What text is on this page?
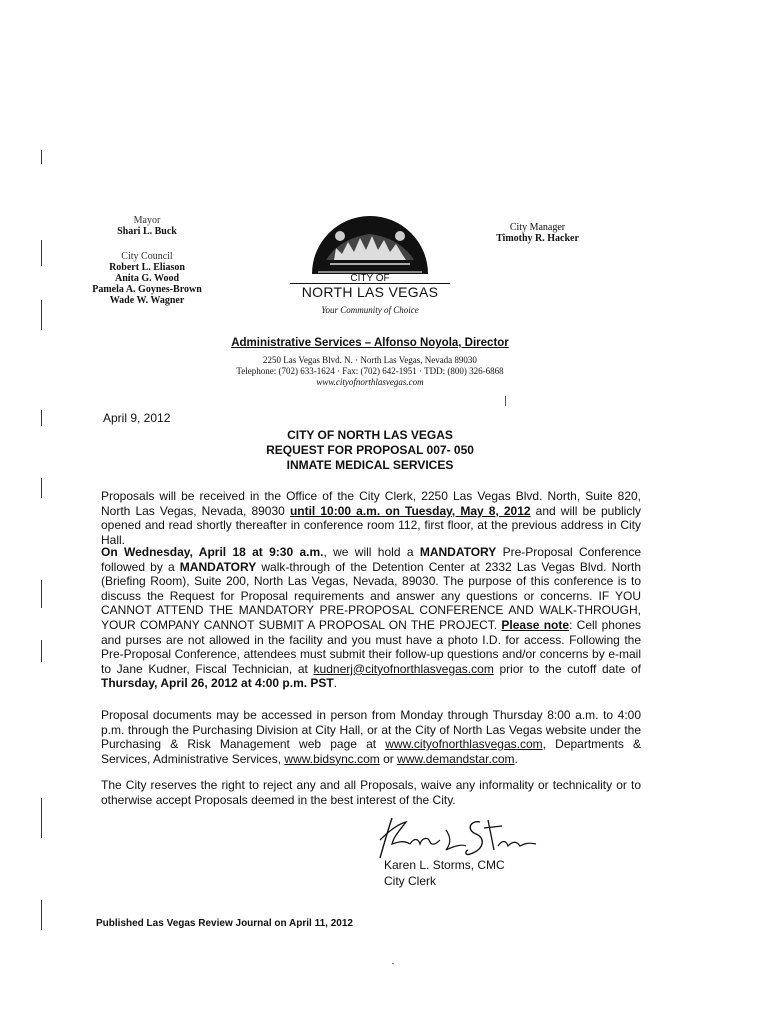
Mayor
Shari L. Buck
City Council
Robert L. Eliason
Anita G. Wood
Pamela A. Goynes-Brown
Wade W. Wagner
City Manager
Timothy R. Hacker
CITY OF
NORTH LAS VEGAS
Your Community of Choice
Administrative Services – Alfonso Noyola, Director
2250 Las Vegas Blvd. N. · North Las Vegas, Nevada 89030
Telephone: (702) 633-1624 · Fax: (702) 642-1951 · TDD: (800) 326-6868
www.cityofnorthlasvegas.com
April 9, 2012
CITY OF NORTH LAS VEGAS
REQUEST FOR PROPOSAL 007- 050
INMATE MEDICAL SERVICES
Proposals will be received in the Office of the City Clerk, 2250 Las Vegas Blvd. North, Suite 820, North Las Vegas, Nevada, 89030 until 10:00 a.m. on Tuesday, May 8, 2012 and will be publicly opened and read shortly thereafter in conference room 112, first floor, at the previous address in City Hall.
On Wednesday, April 18 at 9:30 a.m., we will hold a MANDATORY Pre-Proposal Conference followed by a MANDATORY walk-through of the Detention Center at 2332 Las Vegas Blvd. North (Briefing Room), Suite 200, North Las Vegas, Nevada, 89030. The purpose of this conference is to discuss the Request for Proposal requirements and answer any questions or concerns. IF YOU CANNOT ATTEND THE MANDATORY PRE-PROPOSAL CONFERENCE AND WALK-THROUGH, YOUR COMPANY CANNOT SUBMIT A PROPOSAL ON THE PROJECT. Please note: Cell phones and purses are not allowed in the facility and you must have a photo I.D. for access. Following the Pre-Proposal Conference, attendees must submit their follow-up questions and/or concerns by e-mail to Jane Kudner, Fiscal Technician, at kudnerj@cityofnorthlasvegas.com prior to the cutoff date of Thursday, April 26, 2012 at 4:00 p.m. PST.
Proposal documents may be accessed in person from Monday through Thursday 8:00 a.m. to 4:00 p.m. through the Purchasing Division at City Hall, or at the City of North Las Vegas website under the Purchasing & Risk Management web page at www.cityofnorthlasvegas.com, Departments & Services, Administrative Services, www.bidsync.com or www.demandstar.com.
The City reserves the right to reject any and all Proposals, waive any informality or technicality or to otherwise accept Proposals deemed in the best interest of the City.
Karen L. Storms, CMC
City Clerk
Published Las Vegas Review Journal on April 11, 2012
